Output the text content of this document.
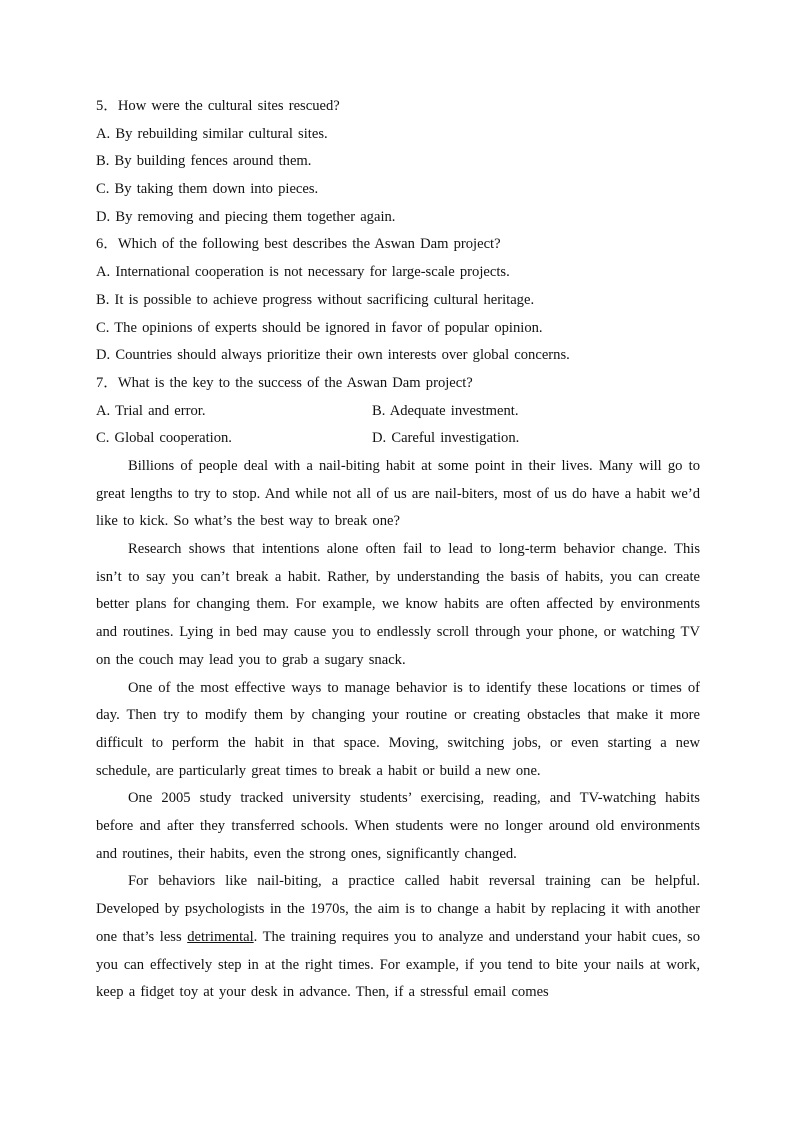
5．How were the cultural sites rescued?
A. By rebuilding similar cultural sites.
B. By building fences around them.
C. By taking them down into pieces.
D. By removing and piecing them together again.
6．Which of the following best describes the Aswan Dam project?
A. International cooperation is not necessary for large-scale projects.
B. It is possible to achieve progress without sacrificing cultural heritage.
C. The opinions of experts should be ignored in favor of popular opinion.
D. Countries should always prioritize their own interests over global concerns.
7．What is the key to the success of the Aswan Dam project?
A. Trial and error.	B. Adequate investment.
C. Global cooperation.	D. Careful investigation.

Billions of people deal with a nail-biting habit at some point in their lives. Many will go to great lengths to try to stop. And while not all of us are nail-biters, most of us do have a habit we’d like to kick. So what’s the best way to break one?

Research shows that intentions alone often fail to lead to long-term behavior change. This isn’t to say you can’t break a habit. Rather, by understanding the basis of habits, you can create better plans for changing them. For example, we know habits are often affected by environments and routines. Lying in bed may cause you to endlessly scroll through your phone, or watching TV on the couch may lead you to grab a sugary snack.

One of the most effective ways to manage behavior is to identify these locations or times of day. Then try to modify them by changing your routine or creating obstacles that make it more difficult to perform the habit in that space. Moving, switching jobs, or even starting a new schedule, are particularly great times to break a habit or build a new one.

One 2005 study tracked university students’ exercising, reading, and TV-watching habits before and after they transferred schools. When students were no longer around old environments and routines, their habits, even the strong ones, significantly changed.

For behaviors like nail-biting, a practice called habit reversal training can be helpful. Developed by psychologists in the 1970s, the aim is to change a habit by replacing it with another one that’s less detrimental. The training requires you to analyze and understand your habit cues, so you can effectively step in at the right times. For example, if you tend to bite your nails at work, keep a fidget toy at your desk in advance. Then, if a stressful email comes
